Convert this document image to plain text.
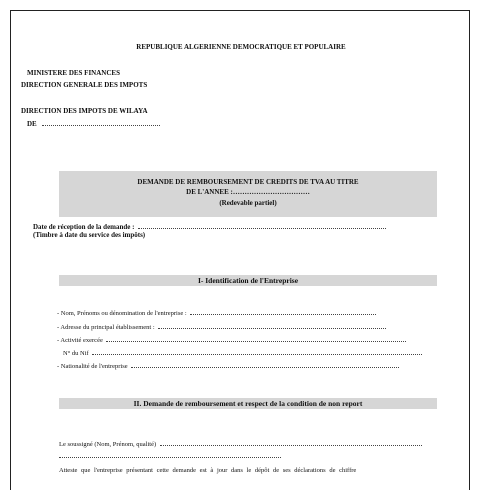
REPUBLIQUE ALGERIENNE DEMOCRATIQUE ET POPULAIRE
MINISTERE DES FINANCES
DIRECTION GENERALE DES IMPOTS
DIRECTION DES IMPOTS DE WILAYA
DE
DEMANDE DE REMBOURSEMENT DE CREDITS DE TVA AU TITRE
DE L'ANNEE :……………………………
(Redevable partiel)
Date de réception de la demande :
(Timbre à date du service des impôts)
I- Identification de l'Entreprise
- Nom, Prénoms ou dénomination de l'entreprise :
- Adresse du principal établissement :
- Activité exercée
N° du Nif
- Nationalité de l'entreprise
II. Demande de remboursement et respect de la condition de non report
Le soussigné (Nom, Prénom, qualité)
Atteste que l'entreprise présentant cette demande est à jour dans le dépôt de ses déclarations de chiffre
